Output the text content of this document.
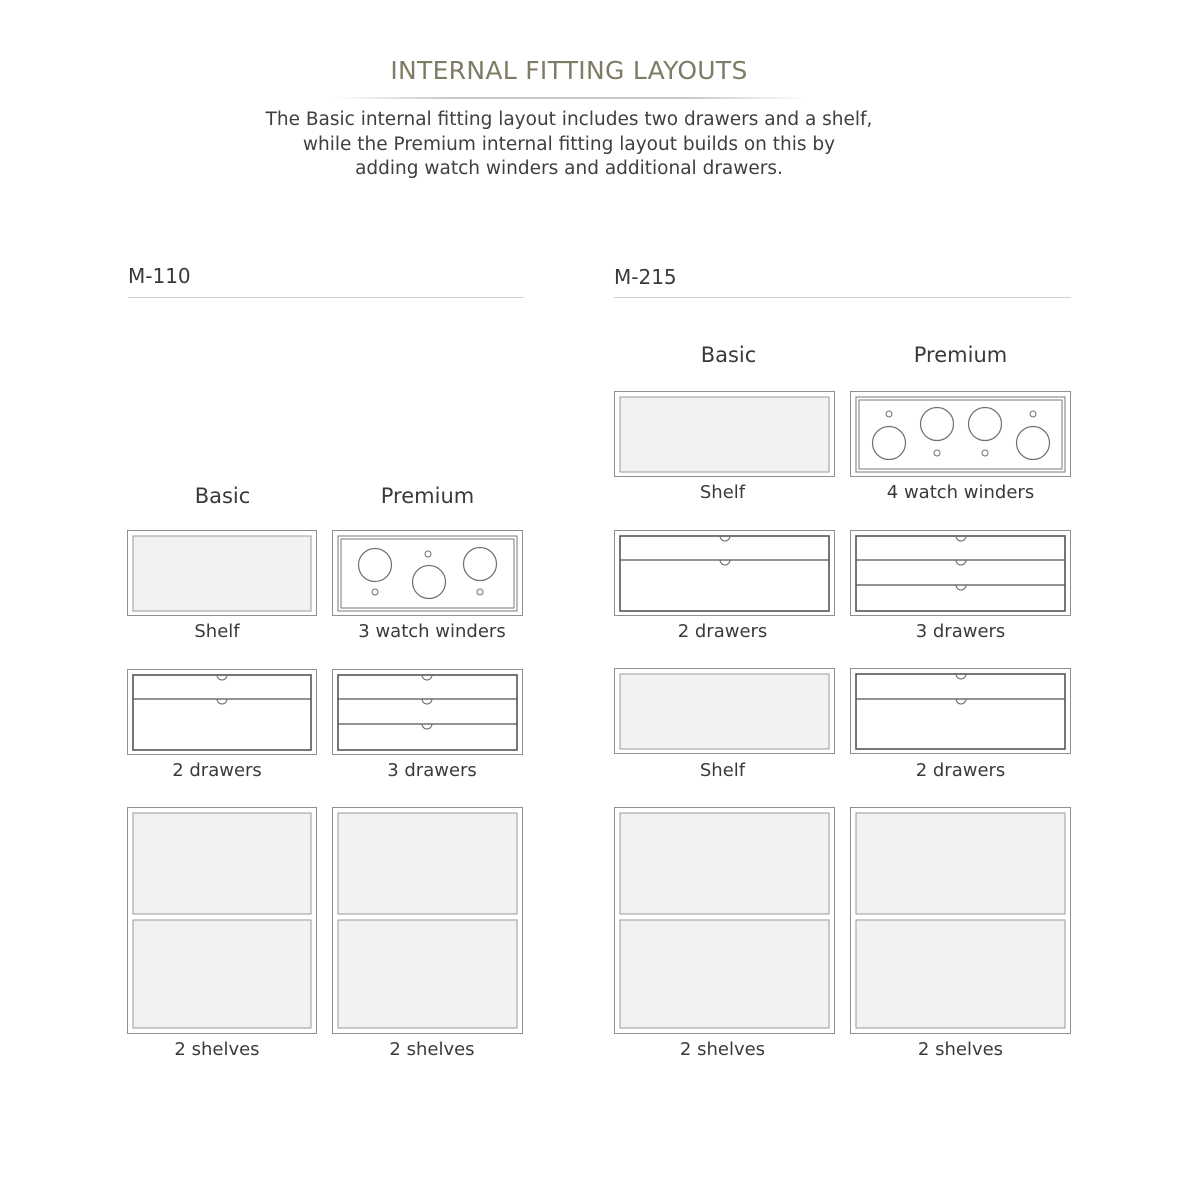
INTERNAL FITTING LAYOUTS
The Basic internal fitting layout includes two drawers and a shelf,
while the Premium internal fitting layout builds on this by
adding watch winders and additional drawers.
M-110
Basic	Premium
Shelf	3 watch winders
2 drawers	3 drawers
2 shelves	2 shelves
M-215
Basic	Premium
Shelf	4 watch winders
2 drawers	3 drawers
Shelf	2 drawers
2 shelves	2 shelves
